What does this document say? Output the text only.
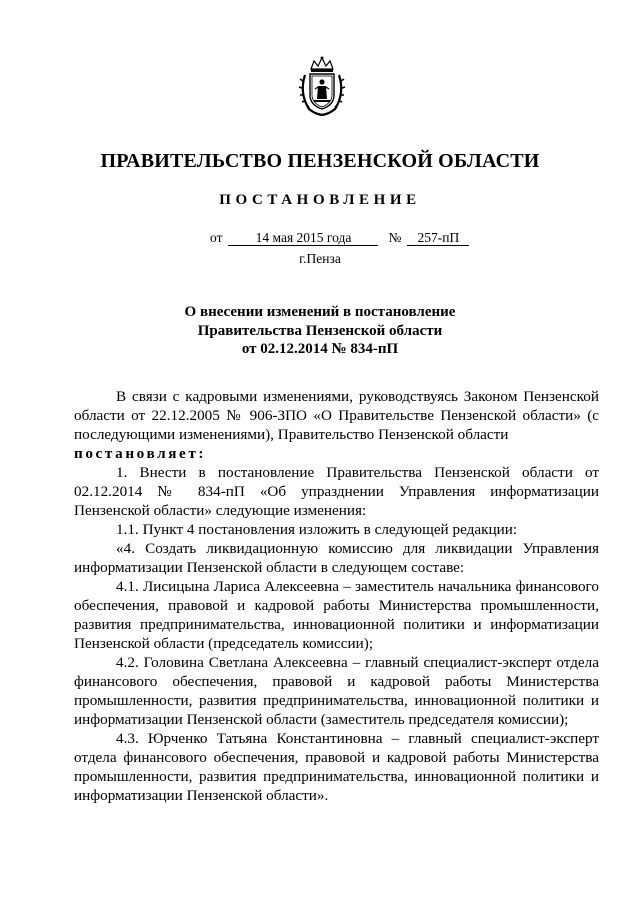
ПРАВИТЕЛЬСТВО ПЕНЗЕНСКОЙ ОБЛАСТИ
ПОСТАНОВЛЕНИЕ
от 14 мая 2015 года	№ 257-пП
г.Пенза
О внесении изменений в постановление
Правительства Пензенской области
от 02.12.2014 № 834-пП

В связи с кадровыми изменениями, руководствуясь Законом Пензенской области от 22.12.2005 № 906-ЗПО «О Правительстве Пензенской области» (с последующими изменениями), Правительство Пензенской области

постановляет:

1. Внести в постановление Правительства Пензенской области от 02.12.2014 № 834-пП «Об упразднении Управления информатизации Пензенской области» следующие изменения:

1.1. Пункт 4 постановления изложить в следующей редакции:

«4. Создать ликвидационную комиссию для ликвидации Управления информатизации Пензенской области в следующем составе:

4.1. Лисицына Лариса Алексеевна – заместитель начальника финансового обеспечения, правовой и кадровой работы Министерства промышленности, развития предпринимательства, инновационной политики и информатизации Пензенской области (председатель комиссии);

4.2. Головина Светлана Алексеевна – главный специалист-эксперт отдела финансового обеспечения, правовой и кадровой работы Министерства промышленности, развития предпринимательства, инновационной политики и информатизации Пензенской области (заместитель председателя комиссии);

4.3. Юрченко Татьяна Константиновна – главный специалист-эксперт отдела финансового обеспечения, правовой и кадровой работы Министерства промышленности, развития предпринимательства, инновационной политики и информатизации Пензенской области».
